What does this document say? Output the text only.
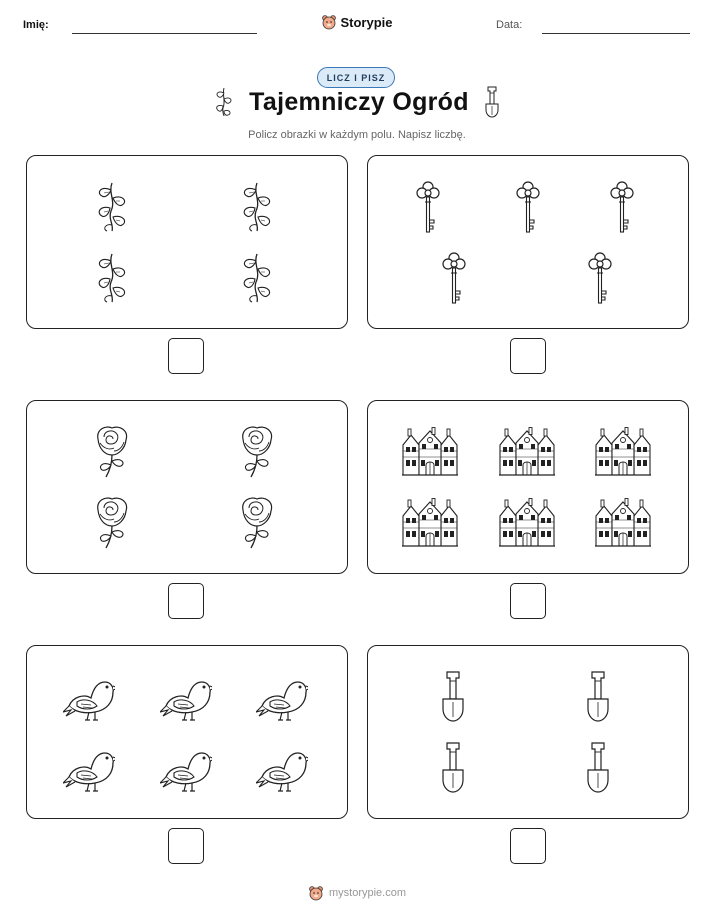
Imię:	Storypie	Data:
LICZ I PISZ
Tajemniczy Ogród
Policz obrazki w każdym polu. Napisz liczbę.
mystorypie.com
